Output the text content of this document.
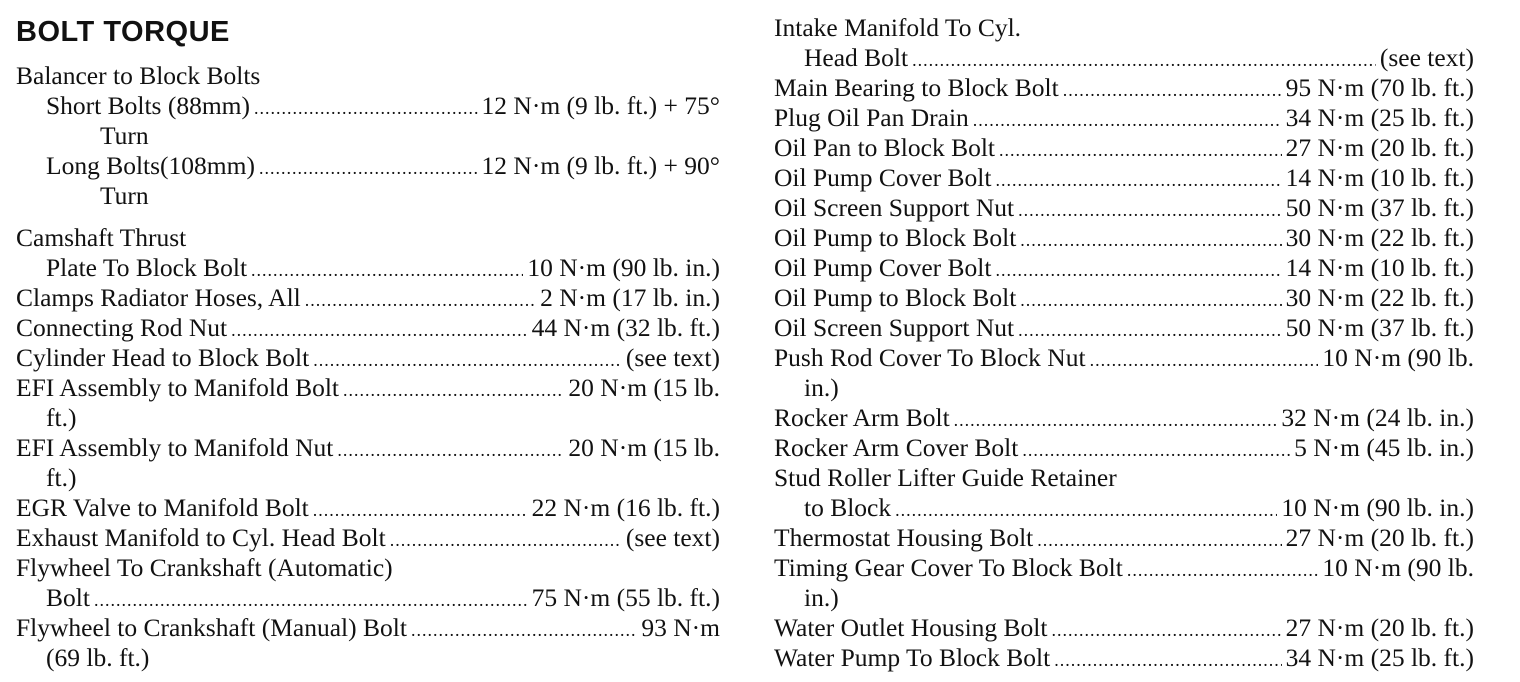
BOLT TORQUE
Balancer to Block Bolts
Short Bolts (88mm) .....	12 N·m (9 lb. ft.) + 75°
Turn
Long Bolts(108mm) .....	12 N·m (9 lb. ft.) + 90°
Turn
Camshaft Thrust
Plate To Block Bolt .....	10 N·m (90 lb. in.)
Clamps Radiator Hoses, All .....	2 N·m (17 lb. in.)
Connecting Rod Nut .....	44 N·m (32 lb. ft.)
Cylinder Head to Block Bolt .....	(see text)
EFI Assembly to Manifold Bolt .....	20 N·m (15 lb.
ft.)
EFI Assembly to Manifold Nut .....	20 N·m (15 lb.
ft.)
EGR Valve to Manifold Bolt .....	22 N·m (16 lb. ft.)
Exhaust Manifold to Cyl. Head Bolt .....	(see text)
Flywheel To Crankshaft (Automatic)
Bolt .....	75 N·m (55 lb. ft.)
Flywheel to Crankshaft (Manual) Bolt .....	93 N·m
(69 lb. ft.)
Intake Manifold To Cyl.
Head Bolt .....	(see text)
Main Bearing to Block Bolt .....	95 N·m (70 lb. ft.)
Plug Oil Pan Drain .....	34 N·m (25 lb. ft.)
Oil Pan to Block Bolt .....	27 N·m (20 lb. ft.)
Oil Pump Cover Bolt .....	14 N·m (10 lb. ft.)
Oil Screen Support Nut .....	50 N·m (37 lb. ft.)
Oil Pump to Block Bolt .....	30 N·m (22 lb. ft.)
Oil Pump Cover Bolt .....	14 N·m (10 lb. ft.)
Oil Pump to Block Bolt .....	30 N·m (22 lb. ft.)
Oil Screen Support Nut .....	50 N·m (37 lb. ft.)
Push Rod Cover To Block Nut .....	10 N·m (90 lb.
in.)
Rocker Arm Bolt .....	32 N·m (24 lb. in.)
Rocker Arm Cover Bolt .....	5 N·m (45 lb. in.)
Stud Roller Lifter Guide Retainer
to Block .....	10 N·m (90 lb. in.)
Thermostat Housing Bolt .....	27 N·m (20 lb. ft.)
Timing Gear Cover To Block Bolt .....	10 N·m (90 lb.
in.)
Water Outlet Housing Bolt .....	27 N·m (20 lb. ft.)
Water Pump To Block Bolt .....	34 N·m (25 lb. ft.)
